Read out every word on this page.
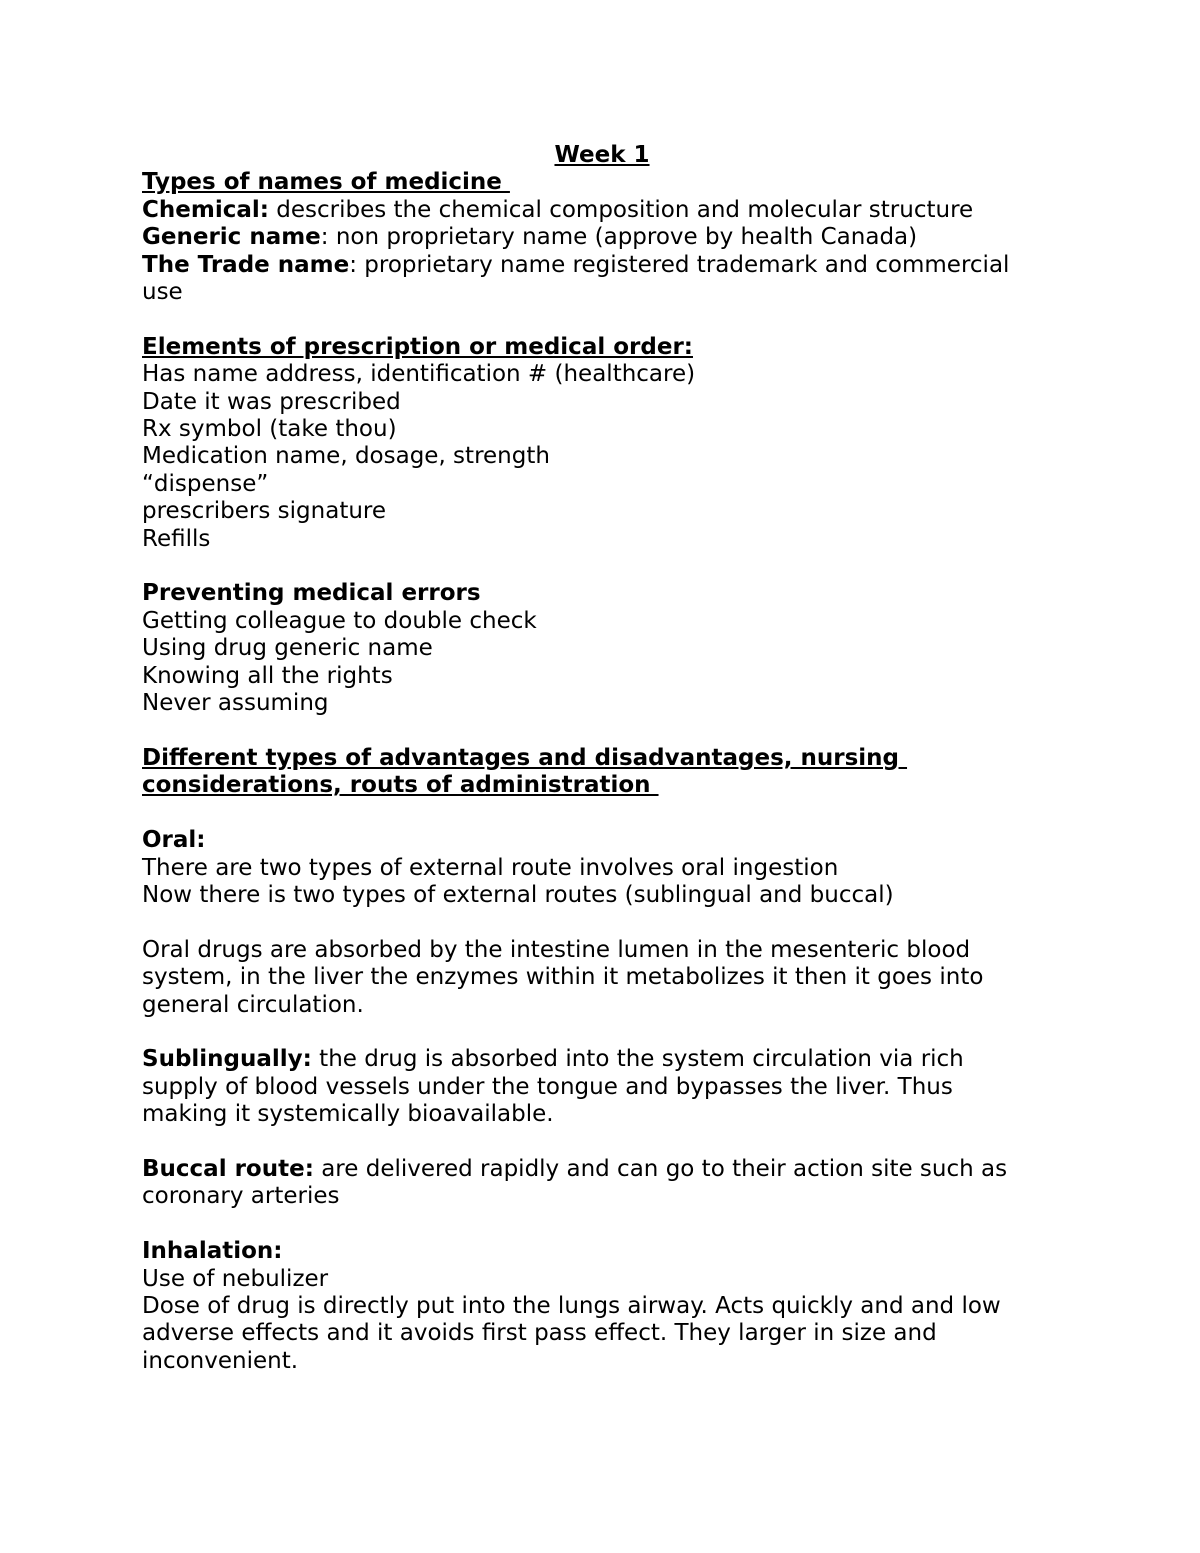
Week 1

Types of names of medicine

Chemical: describes the chemical composition and molecular structure

Generic name: non proprietary name (approve by health Canada)

The Trade name: proprietary name registered trademark and commercial use

Elements of prescription or medical order:

Has name address, identification # (healthcare)

Date it was prescribed

Rx symbol (take thou)

Medication name, dosage, strength

“dispense”

prescribers signature

Refills

Preventing medical errors

Getting colleague to double check

Using drug generic name

Knowing all the rights

Never assuming

Different types of advantages and disadvantages, nursing

considerations, routs of administration

Oral:

There are two types of external route involves oral ingestion

Now there is two types of external routes (sublingual and buccal)

Oral drugs are absorbed by the intestine lumen in the mesenteric blood system, in the liver the enzymes within it metabolizes it then it goes into general circulation.

Sublingually: the drug is absorbed into the system circulation via rich supply of blood vessels under the tongue and bypasses the liver. Thus making it systemically bioavailable.

Buccal route: are delivered rapidly and can go to their action site such as coronary arteries

Inhalation:

Use of nebulizer

Dose of drug is directly put into the lungs airway. Acts quickly and and low adverse effects and it avoids first pass effect. They larger in size and inconvenient.
